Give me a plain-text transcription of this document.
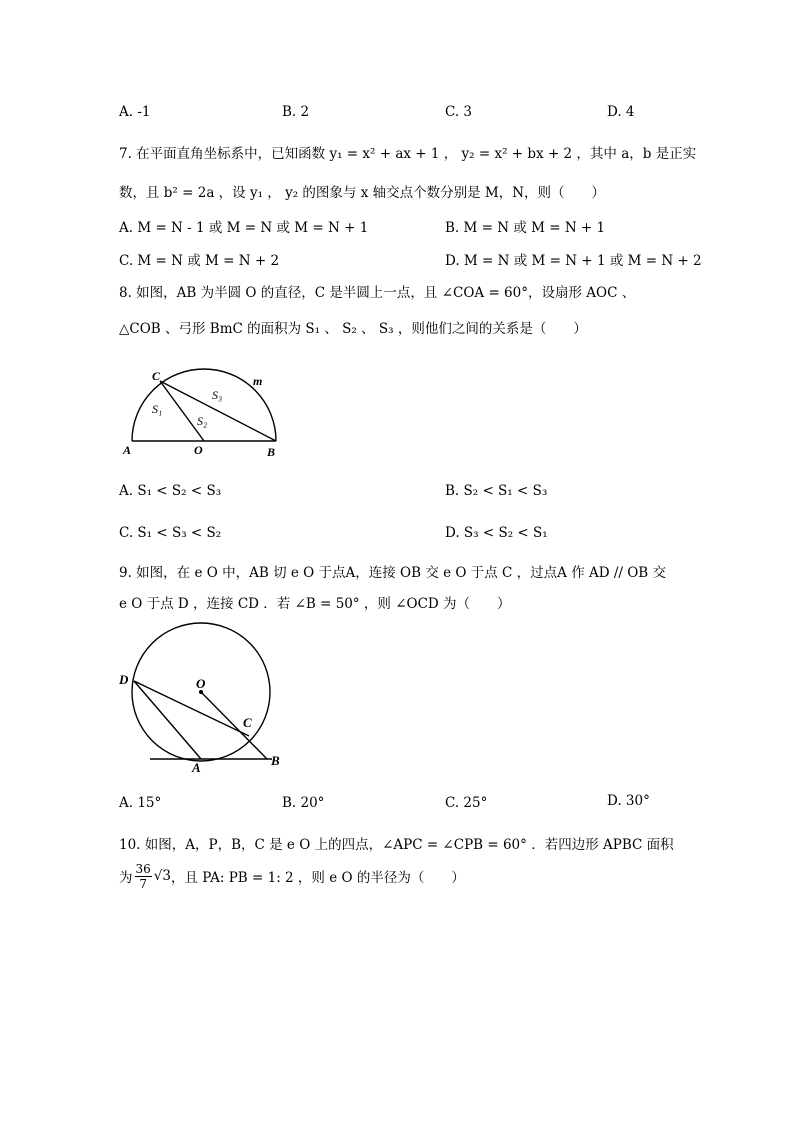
A. -1	B. 2	C. 3	D. 4
7. 在平面直角坐标系中，已知函数 y₁ = x² + ax + 1 ， y₂ = x² + bx + 2 ，其中 a，b 是正实
数，且 b² = 2a ，设 y₁ ， y₂ 的图象与 x 轴交点个数分别是 M，N，则（　　）
A. M = N - 1 或 M = N 或 M = N + 1	B. M = N 或 M = N + 1
C. M = N 或 M = N + 2	D. M = N 或 M = N + 1 或 M = N + 2
8. 如图，AB 为半圆 O 的直径，C 是半圆上一点，且 ∠COA = 60°，设扇形 AOC 、
△COB 、弓形 BmC 的面积为 S₁ 、 S₂ 、 S₃ ，则他们之间的关系是（　　）
C	m
S₃
S₁
S₂
A	O	B
A. S₁ < S₂ < S₃	B. S₂ < S₁ < S₃
C. S₁ < S₃ < S₂	D. S₃ < S₂ < S₁
9. 如图，在 e O 中，AB 切 e O 于点A，连接 OB 交 e O 于点 C ，过点A 作 AD // OB 交
e O 于点 D ，连接 CD ．若 ∠B = 50° ，则 ∠OCD 为（　　）
D	O
C
A	B
A. 15°	B. 20°	C. 25°	D. 30°
10. 如图，A，P，B，C 是 e O 上的四点，∠APC = ∠CPB = 60° ．若四边形 APBC 面积
为 $\frac{36}{7} √3$ ，且 PA: PB = 1: 2 ，则 e O 的半径为（　　）
